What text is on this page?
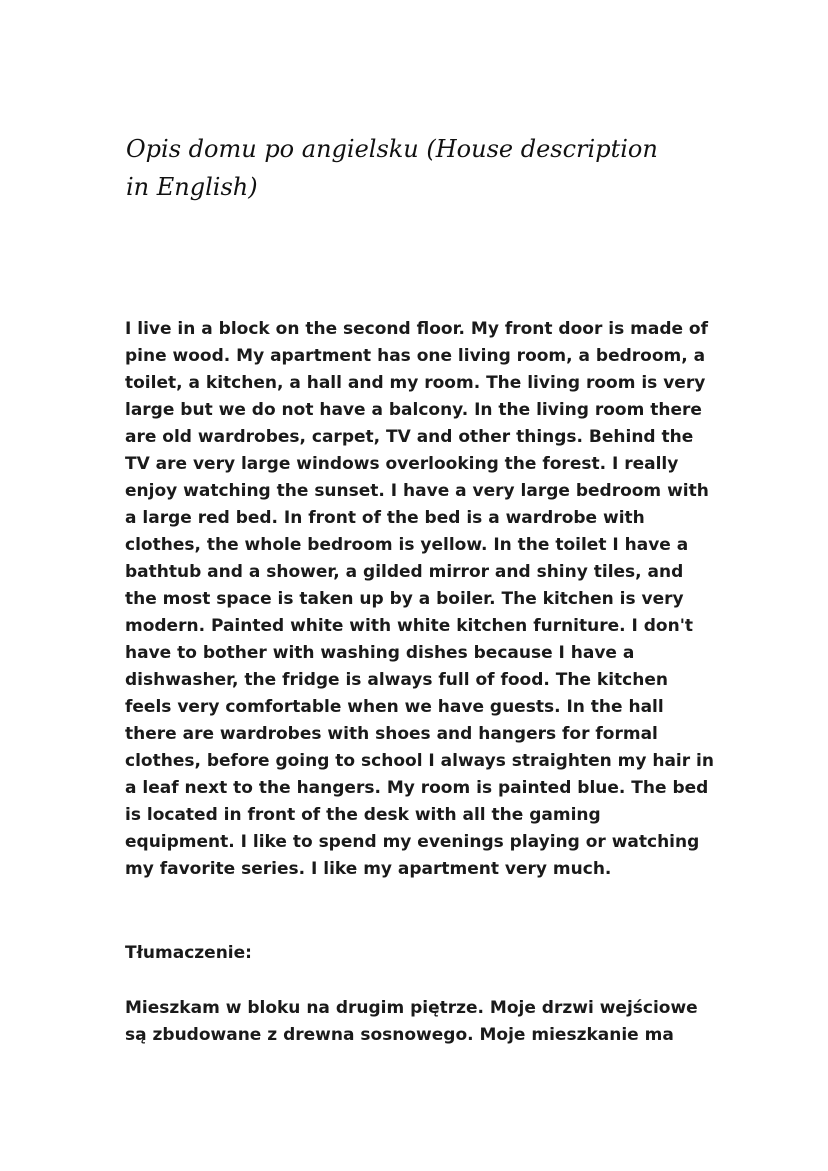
Opis domu po angielsku (House description in English)

I live in a block on the second floor. My front door is made of pine wood. My apartment has one living room, a bedroom, a toilet, a kitchen, a hall and my room. The living room is very large but we do not have a balcony. In the living room there are old wardrobes, carpet, TV and other things. Behind the TV are very large windows overlooking the forest. I really enjoy watching the sunset. I have a very large bedroom with a large red bed. In front of the bed is a wardrobe with clothes, the whole bedroom is yellow. In the toilet I have a bathtub and a shower, a gilded mirror and shiny tiles, and the most space is taken up by a boiler. The kitchen is very modern. Painted white with white kitchen furniture. I don't have to bother with washing dishes because I have a dishwasher, the fridge is always full of food. The kitchen feels very comfortable when we have guests. In the hall there are wardrobes with shoes and hangers for formal clothes, before going to school I always straighten my hair in a leaf next to the hangers. My room is painted blue. The bed is located in front of the desk with all the gaming equipment. I like to spend my evenings playing or watching my favorite series. I like my apartment very much.

Tłumaczenie:

Mieszkam w bloku na drugim piętrze. Moje drzwi wejściowe są zbudowane z drewna sosnowego. Moje mieszkanie ma
